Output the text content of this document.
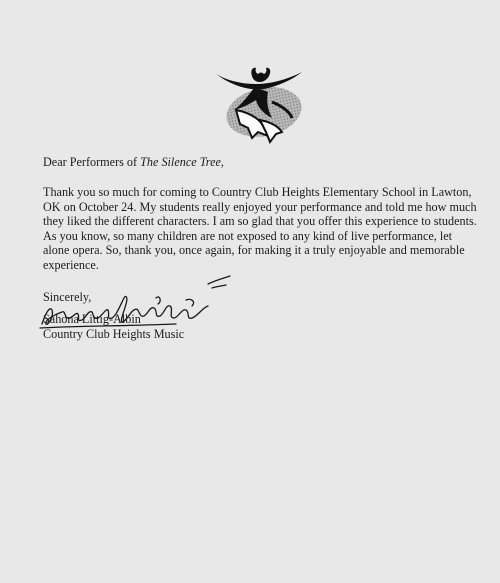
Dear Performers of The Silence Tree,
Thank you so much for coming to Country Club Heights Elementary School in Lawton,
OK on October 24. My students really enjoyed your performance and told me how much
they liked the different characters. I am so glad that you offer this experience to students.
As you know, so many children are not exposed to any kind of live performance, let
alone opera. So, thank you, once again, for making it a truly enjoyable and memorable
experience.
Sincerely,
Sahona Littig-Albin
Country Club Heights Music
